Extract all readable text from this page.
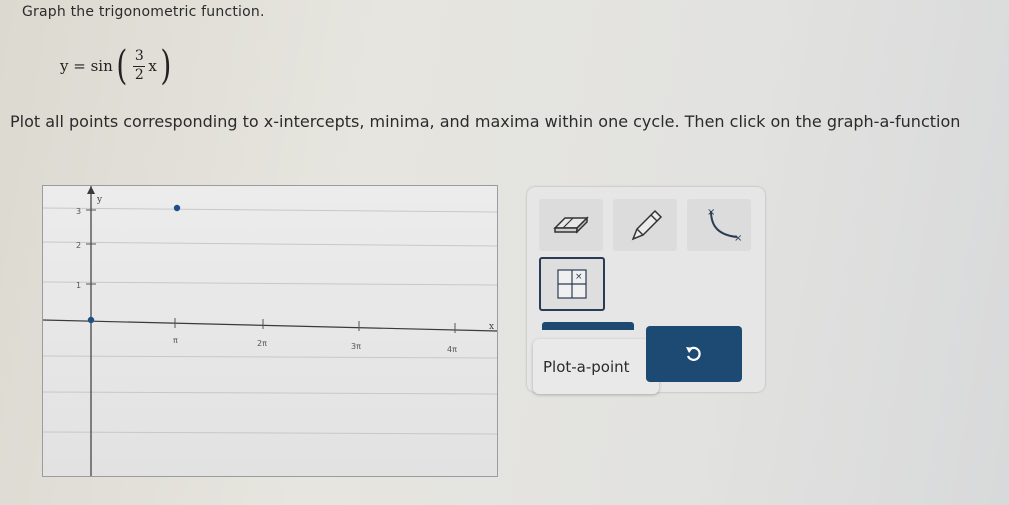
Graph the trigonometric function.
y = sin ( $\frac{3}{2}$ x )
Plot all points corresponding to x-intercepts, minima, and maxima within one cycle. Then click on the graph-a-function
y
x
3
2
1
π	2π	3π	4π
×
×
×
Plot-a-point
